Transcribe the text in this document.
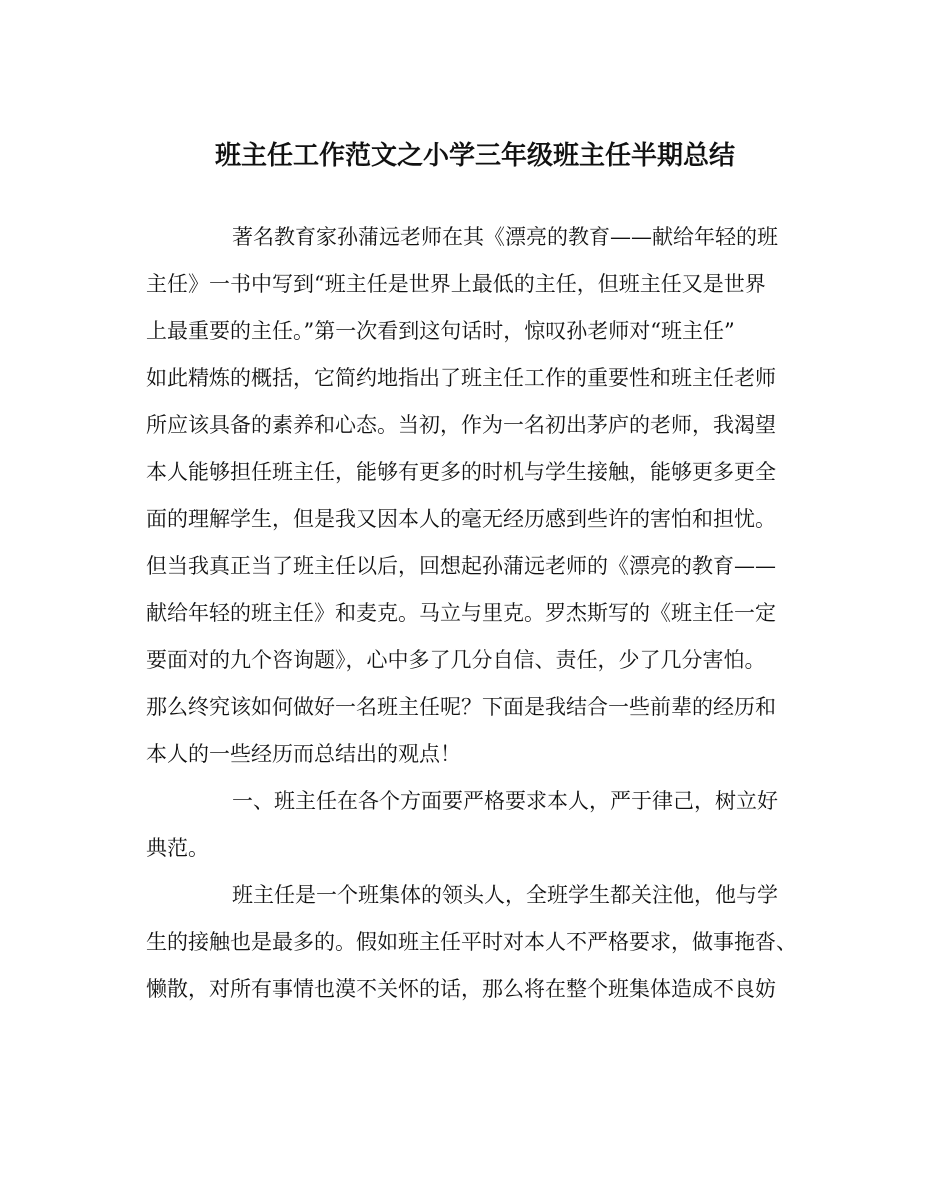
班主任工作范文之小学三年级班主任半期总结
著名教育家孙蒲远老师在其《漂亮的教育——献给年轻的班
主任》一书中写到“班主任是世界上最低的主任，但班主任又是世界
上最重要的主任。”第一次看到这句话时，惊叹孙老师对“班主任”
如此精炼的概括，它简约地指出了班主任工作的重要性和班主任老师
所应该具备的素养和心态。当初，作为一名初出茅庐的老师，我渴望
本人能够担任班主任，能够有更多的时机与学生接触，能够更多更全
面的理解学生，但是我又因本人的毫无经历感到些许的害怕和担忧。
但当我真正当了班主任以后，回想起孙蒲远老师的《漂亮的教育——
献给年轻的班主任》和麦克。马立与里克。罗杰斯写的《班主任一定
要面对的九个咨询题》，心中多了几分自信、责任，少了几分害怕。
那么终究该如何做好一名班主任呢？下面是我结合一些前辈的经历和
本人的一些经历而总结出的观点！
一、班主任在各个方面要严格要求本人，严于律己，树立好
典范。
班主任是一个班集体的领头人，全班学生都关注他，他与学
生的接触也是最多的。假如班主任平时对本人不严格要求，做事拖沓、
懒散，对所有事情也漠不关怀的话，那么将在整个班集体造成不良妨
